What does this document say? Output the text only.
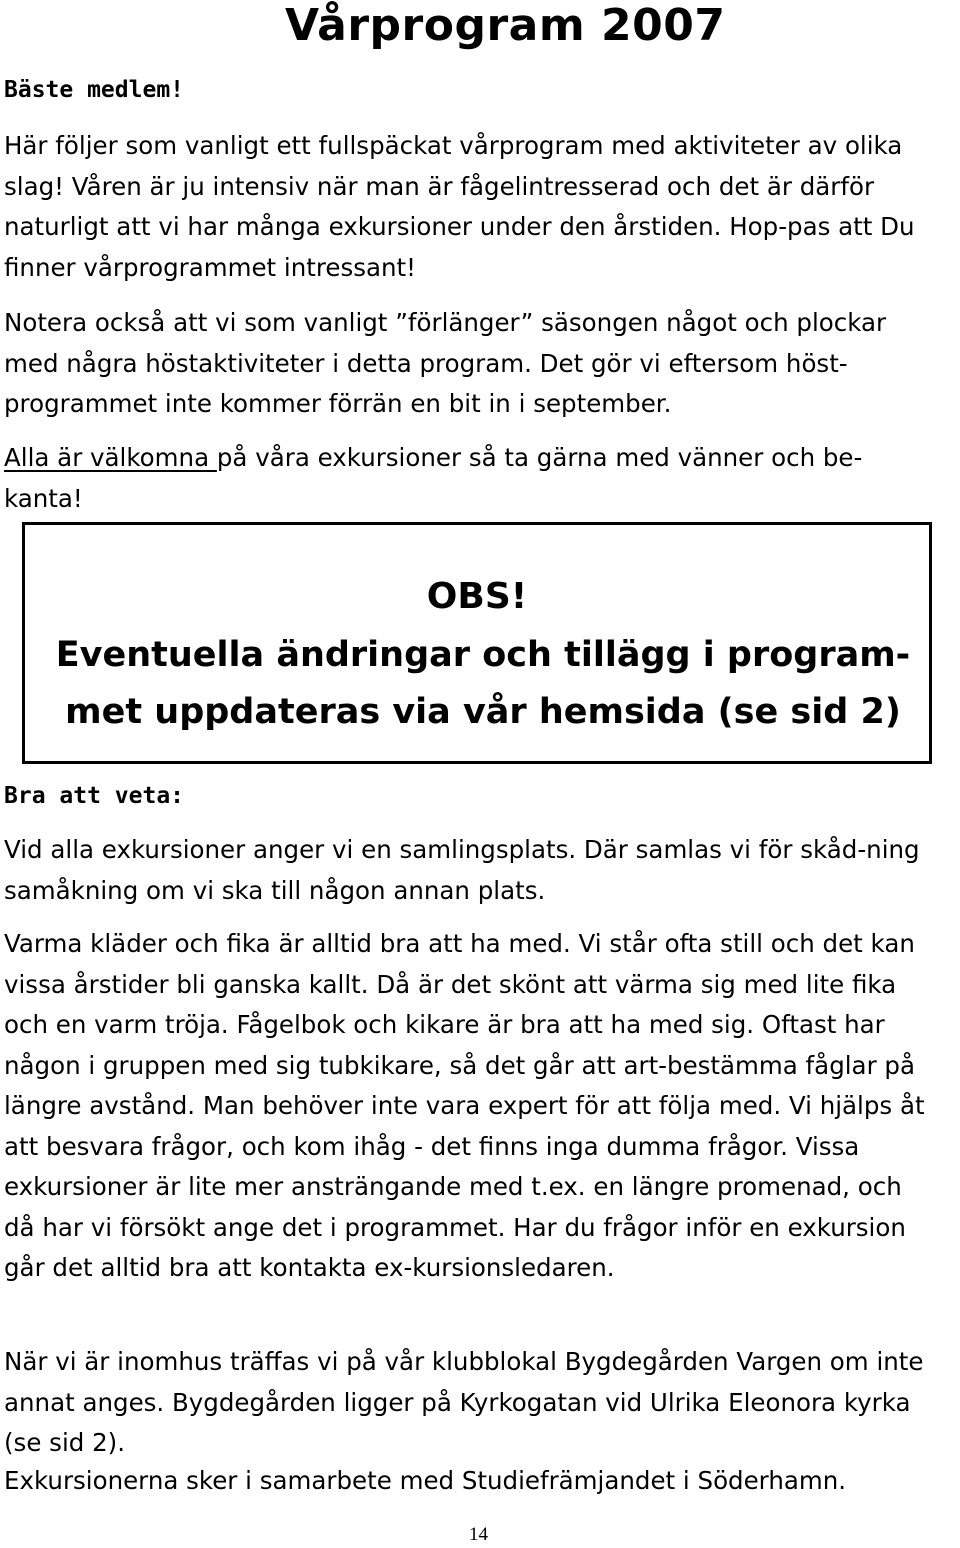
Vårprogram 2007
Bäste medlem!

Här följer som vanligt ett fullspäckat vårprogram med aktiviteter av olika slag! Våren är ju intensiv när man är fågelintresserad och det är därför naturligt att vi har många exkursioner under den årstiden. Hop-pas att Du finner vårprogrammet intressant!

Notera också att vi som vanligt ”förlänger” säsongen något och plockar med några höstaktiviteter i detta program. Det gör vi eftersom höst-programmet inte kommer förrän en bit in i september.

Alla är välkomna på våra exkursioner så ta gärna med vänner och be-kanta!

OBS!
Eventuella ändringar och tillägg i program-met uppdateras via vår hemsida (se sid 2)
Bra att veta:

Vid alla exkursioner anger vi en samlingsplats. Där samlas vi för skåd-ning samåkning om vi ska till någon annan plats.

Varma kläder och fika är alltid bra att ha med. Vi står ofta still och det kan vissa årstider bli ganska kallt. Då är det skönt att värma sig med lite fika och en varm tröja. Fågelbok och kikare är bra att ha med sig. Oftast har någon i gruppen med sig tubkikare, så det går att art-bestämma fåglar på längre avstånd. Man behöver inte vara expert för att följa med. Vi hjälps åt att besvara frågor, och kom ihåg - det finns inga dumma frågor. Vissa exkursioner är lite mer ansträngande med t.ex. en längre promenad, och då har vi försökt ange det i programmet. Har du frågor inför en exkursion går det alltid bra att kontakta ex-kursionsledaren.

När vi är inomhus träffas vi på vår klubblokal Bygdegården Vargen om inte annat anges. Bygdegården ligger på Kyrkogatan vid Ulrika Eleonora kyrka (se sid 2).

Exkursionerna sker i samarbete med Studiefrämjandet i Söderhamn.

14
